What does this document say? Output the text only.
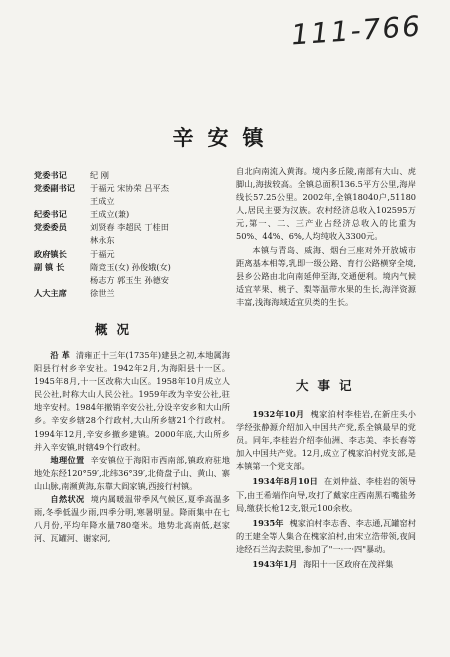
111-766
辛安镇
党委书记	纪 刚
党委副书记	于福元 宋协荣 吕平杰
王成立
纪委书记	王成立(兼)
党委委员	刘贤春 李超民 丁桂田
林永东
政府镇长	于福元
副 镇 长	隋竞玉(女) 孙俊娥(女)
杨志方 郭玉生 孙德安
人大主席	徐世兰
概况

沿 革 清雍正十三年(1735年)建县之初,本地属海阳县行村乡辛安社。1942年2月,为海阳县十一区。1945年8月,十一区改称大山区。1958年10月成立人民公社,时称大山人民公社。1959年改为辛安公社,驻地辛安村。1984年撤销辛安公社,分设辛安乡和大山所乡。辛安乡辖28个行政村,大山所乡辖21个行政村。1994年12月,辛安乡撤乡建镇。2000年底,大山所乡并入辛安镇,时辖49个行政村。

地理位置 辛安镇位于海阳市西南部,镇政府驻地地处东经120°59′,北纬36°39′,北倚盘子山、黄山、寨山山脉,南濒黄海,东靠大阎家镇,西接行村镇。

自然状况 境内属暖温带季风气候区,夏季高温多雨,冬季低温少雨,四季分明,寒暑明显。降雨集中在七八月份,平均年降水量780毫米。地势北高南低,赵家河、瓦罐河、谢家河,

自北向南流入黄海。境内多丘陵,南部有大山、虎脚山,海拔较高。全镇总面积136.5平方公里,海岸线长57.25公里。2002年,全镇18040户,51180人,居民主要为汉族。农村经济总收入102595万元,第一、二、三产业占经济总收入的比重为50%、44%、6%,人均纯收入3300元。

本镇与青岛、威海、烟台三座对外开放城市距离基本相等,乳即一级公路、育行公路横穿全境,县乡公路由北向南延伸至海,交通便利。境内气候适宜苹果、桃子、梨等温带水果的生长,海洋资源丰富,浅海海域适宜贝类的生长。

大事记

1932年10月 槐家泊村李桂岩,在新庄头小学经张静源介绍加入中国共产党,系全镇最早的党员。同年,李桂岩介绍李仙洲、李志美、李长春等加入中国共产党。12月,成立了槐家泊村党支部,是本镇第一个党支部。

1934年8月10日 在刘仲益、李桂岩的领导下,由王希端作向导,攻打了戴家庄西南黑石嘴盐务局,缴获长枪12支,银元100余枚。

1935年 槐家泊村李志香、李志通,瓦罐窑村的王建全等人集合在槐家泊村,由宋立浩带领,夜间途经石兰沟去院里,参加了"一·一·四"暴动。

1943年1月 海阳十一区政府在茂祥集
